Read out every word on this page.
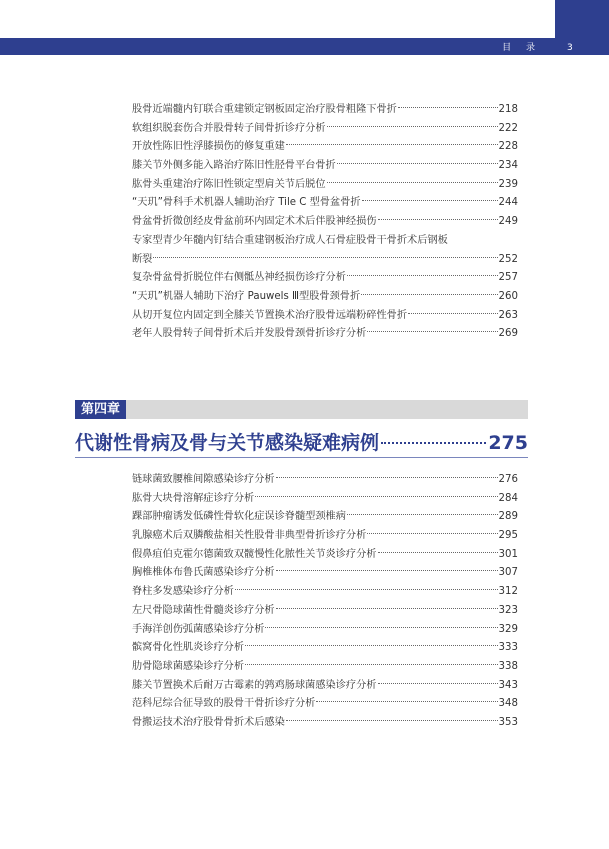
3
目 录
股骨近端髓内钉联合重建锁定钢板固定治疗股骨粗隆下骨折	218
软组织脱套伤合并股骨转子间骨折诊疗分析	222
开放性陈旧性浮膝损伤的修复重建	228
膝关节外侧多能入路治疗陈旧性胫骨平台骨折	234
肱骨头重建治疗陈旧性锁定型肩关节后脱位	239
“天玑”骨科手术机器人辅助治疗 Tile C 型骨盆骨折	244
骨盆骨折微创经皮骨盆前环内固定术术后伴股神经损伤	249
专家型青少年髓内钉结合重建钢板治疗成人石骨症股骨干骨折术后钢板
断裂	252
复杂骨盆骨折脱位伴右侧骶丛神经损伤诊疗分析	257
“天玑”机器人辅助下治疗 Pauwels Ⅲ型股骨颈骨折	260
从切开复位内固定到全膝关节置换术治疗股骨远端粉碎性骨折	263
老年人股骨转子间骨折术后并发股骨颈骨折诊疗分析	269
第四章
代谢性骨病及骨与关节感染疑难病例	275
链球菌致腰椎间隙感染诊疗分析	276
肱骨大块骨溶解症诊疗分析	284
踝部肿瘤诱发低磷性骨软化症误诊脊髓型颈椎病	289
乳腺癌术后双膦酸盐相关性股骨非典型骨折诊疗分析	295
假鼻疽伯克霍尔德菌致双髋慢性化脓性关节炎诊疗分析	301
胸椎椎体布鲁氏菌感染诊疗分析	307
脊柱多发感染诊疗分析	312
左尺骨隐球菌性骨髓炎诊疗分析	323
手海洋创伤弧菌感染诊疗分析	329
髌窝骨化性肌炎诊疗分析	333
肋骨隐球菌感染诊疗分析	338
膝关节置换术后耐万古霉素的鹑鸡肠球菌感染诊疗分析	343
范科尼综合征导致的股骨干骨折诊疗分析	348
骨搬运技术治疗股骨骨折术后感染	353
